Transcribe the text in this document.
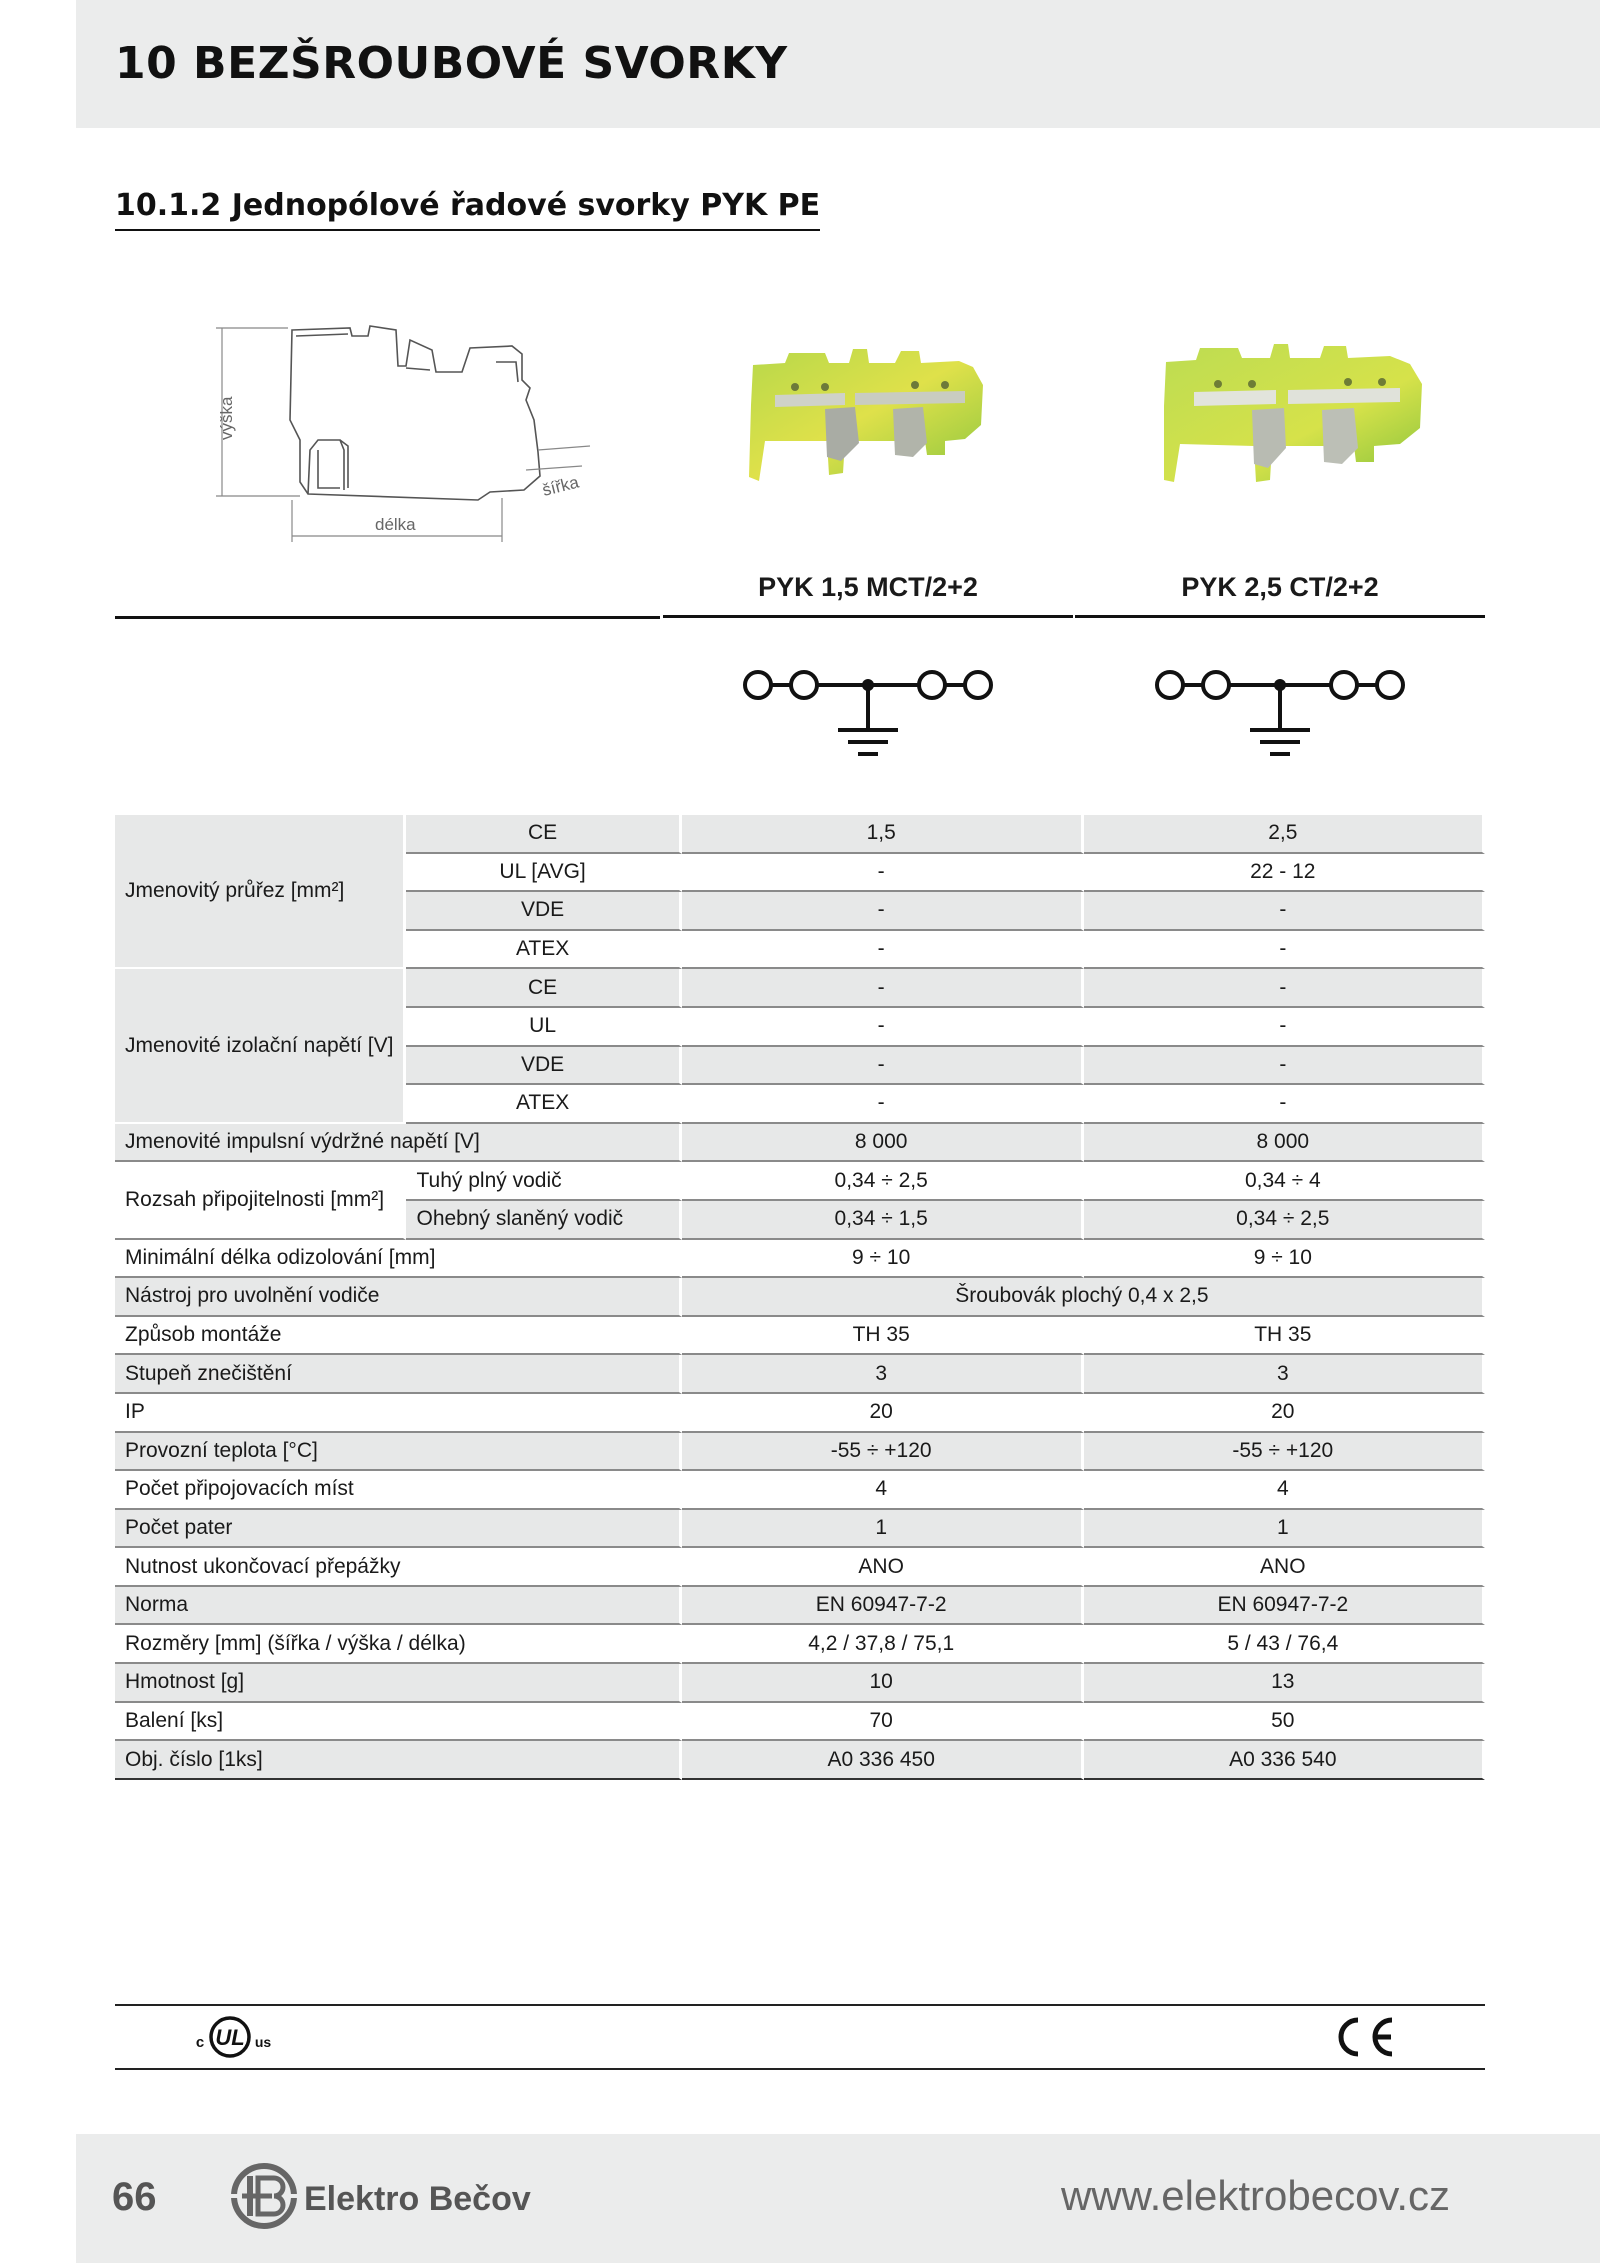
10 BEZŠROUBOVÉ SVORKY
10.1.2 Jednopólové řadové svorky PYK PE
výška
šířka
délka
PYK 1,5 MCT/2+2	PYK 2,5 CT/2+2
Jmenovitý průřez [mm²]	CE	1,5	2,5
	UL [AVG]	-	22 - 12
	VDE	-	-
	ATEX	-	-
Jmenovité izolační napětí [V]	CE	-	-
	UL	-	-
	VDE	-	-
	ATEX	-	-
Jmenovité impulsní výdržné napětí [V]		8 000	8 000
Rozsah připojitelnosti [mm²]	Tuhý plný vodič	0,34 ÷ 2,5	0,34 ÷ 4
	Ohebný slaněný vodič	0,34 ÷ 1,5	0,34 ÷ 2,5
Minimální délka odizolování [mm]		9 ÷ 10	9 ÷ 10
Nástroj pro uvolnění vodiče		Šroubovák plochý 0,4 x 2,5	
Způsob montáže		TH 35	TH 35
Stupeň znečištění		3	3
IP		20	20
Provozní teplota [°C]		-55 ÷ +120	-55 ÷ +120
Počet připojovacích míst		4	4
Počet pater		1	1
Nutnost ukončovací přepážky		ANO	ANO
Norma		EN 60947-7-2	EN 60947-7-2
Rozměry [mm] (šířka / výška / délka)		4,2 / 37,8 / 75,1	5 / 43 / 76,4
Hmotnost [g]		10	13
Balení [ks]		70	50
Obj. číslo [1ks]		A0 336 450	A0 336 540
UL
c	us
66	Elektro Bečov	www.elektrobecov.cz
